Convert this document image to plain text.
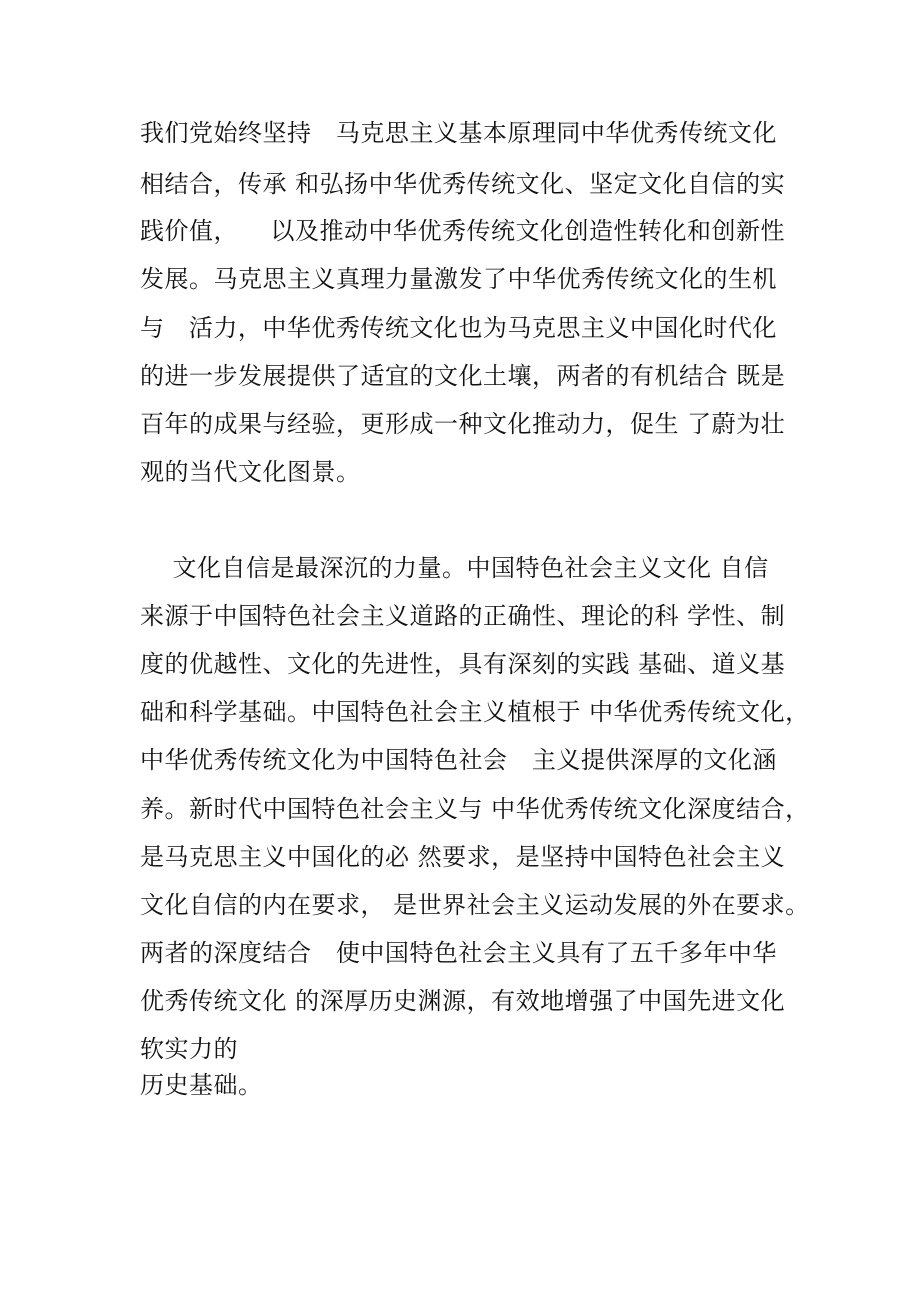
我们党始终坚持   马克思主义基本原理同中华优秀传统文化
相结合，传承 和弘扬中华优秀传统文化、坚定文化自信的实
践价值，    以及推动中华优秀传统文化创造性转化和创新性
发展。马克思主义真理力量激发了中华优秀传统文化的生机
与   活力，中华优秀传统文化也为马克思主义中国化时代化
的进一步发展提供了适宜的文化土壤，两者的有机结合 既是
百年的成果与经验，更形成一种文化推动力，促生 了蔚为壮
观的当代文化图景。
文化自信是最深沉的力量。中国特色社会主义文化 自信
来源于中国特色社会主义道路的正确性、理论的科 学性、制
度的优越性、文化的先进性，具有深刻的实践 基础、道义基
础和科学基础。中国特色社会主义植根于 中华优秀传统文化，
中华优秀传统文化为中国特色社会   主义提供深厚的文化涵
养。新时代中国特色社会主义与 中华优秀传统文化深度结合，
是马克思主义中国化的必 然要求，是坚持中国特色社会主义
文化自信的内在要求， 是世界社会主义运动发展的外在要求。
两者的深度结合   使中国特色社会主义具有了五千多年中华
优秀传统文化 的深厚历史渊源，有效地增强了中国先进文化
软实力的
历史基础。
